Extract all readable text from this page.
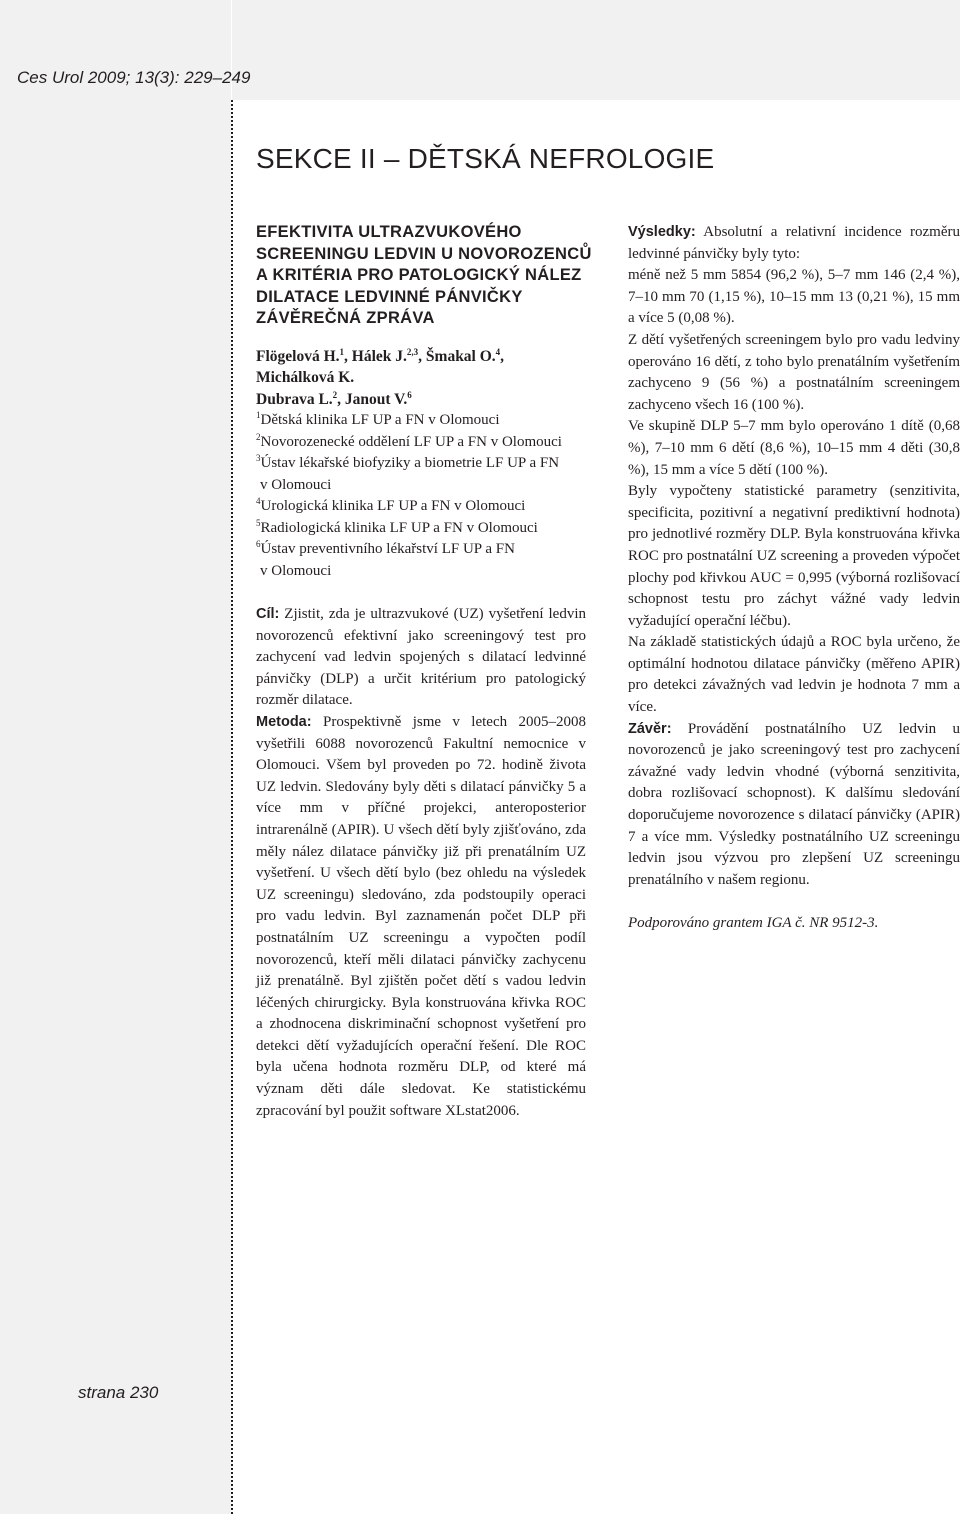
Ces Urol 2009; 13(3): 229–249
strana 230
SEKCE II – DĚTSKÁ NEFROLOGIE
EFEKTIVITA ULTRAZVUKOVÉHO
SCREENINGU LEDVIN U NOVOROZENCŮ
A KRITÉRIA PRO PATOLOGICKÝ NÁLEZ
DILATACE LEDVINNÉ PÁNVIČKY
ZÁVĚREČNÁ ZPRÁVA
Flögelová H.$^1$, Hálek J.$^{2,3}$, Šmakal O.$^4$, Michálková K.
Dubrava L.$^2$, Janout V.$^6$
$^1$Dětská klinika LF UP a FN v Olomouci
$^2$Novorozenecké oddělení LF UP a FN v Olomouci
$^3$Ústav lékařské biofyziky a biometrie LF UP a FN
v Olomouci
$^4$Urologická klinika LF UP a FN v Olomouci
$^5$Radiologická klinika LF UP a FN v Olomouci
$^6$Ústav preventivního lékařství LF UP a FN
v Olomouci

Cíl: Zjistit, zda je ultrazvukové (UZ) vyšetření ledvin novorozenců efektivní jako screeningový test pro zachycení vad ledvin spojených s dilatací ledvinné pánvičky (DLP) a určit kritérium pro patologický rozměr dilatace.

Metoda: Prospektivně jsme v letech 2005–2008 vyšetřili 6088 novorozenců Fakultní nemocnice v Olomouci. Všem byl proveden po 72. hodině života UZ ledvin. Sledovány byly děti s dilatací pánvičky 5 a více mm v příčné projekci, anteroposterior intrarenálně (APIR). U všech dětí byly zjišťováno, zda měly nález dilatace pánvičky již při prenatálním UZ vyšetření. U všech dětí bylo (bez ohledu na výsledek UZ screeningu) sledováno, zda podstoupily operaci pro vadu ledvin. Byl zaznamenán počet DLP při postnatálním UZ screeningu a vypočten podíl novorozenců, kteří měli dilataci pánvičky zachycenu již prenatálně. Byl zjištěn počet dětí s vadou ledvin léčených chirurgicky. Byla konstruována křivka ROC a zhodnocena diskriminační schopnost vyšetření pro detekci dětí vyžadujících operační řešení. Dle ROC byla učena hodnota rozměru DLP, od které má význam děti dále sledovat. Ke statistickému zpracování byl použit software XLstat2006.

Výsledky: Absolutní a relativní incidence rozměru ledvinné pánvičky byly tyto:

méně než 5 mm 5854 (96,2 %), 5–7 mm 146 (2,4 %), 7–10 mm 70 (1,15 %), 10–15 mm 13 (0,21 %), 15 mm a více 5 (0,08 %).

Z dětí vyšetřených screeningem bylo pro vadu ledviny operováno 16 dětí, z toho bylo prenatálním vyšetřením zachyceno 9 (56 %) a postnatálním screeningem zachyceno všech 16 (100 %).

Ve skupině DLP 5–7 mm bylo operováno 1 dítě (0,68 %), 7–10 mm 6 dětí (8,6 %), 10–15 mm 4 děti (30,8 %), 15 mm a více 5 dětí (100 %).

Byly vypočteny statistické parametry (senzitivita, specificita, pozitivní a negativní prediktivní hodnota) pro jednotlivé rozměry DLP. Byla konstruována křivka ROC pro postnatální UZ screening a proveden výpočet plochy pod křivkou AUC = 0,995 (výborná rozlišovací schopnost testu pro záchyt vážné vady ledvin vyžadující operační léčbu).

Na základě statistických údajů a ROC byla určeno, že optimální hodnotou dilatace pánvičky (měřeno APIR) pro detekci závažných vad ledvin je hodnota 7 mm a více.

Závěr: Provádění postnatálního UZ ledvin u novorozenců je jako screeningový test pro zachycení závažné vady ledvin vhodné (výborná senzitivita, dobra rozlišovací schopnost). K dalšímu sledování doporučujeme novorozence s dilatací pánvičky (APIR) 7 a více mm. Výsledky postnatálního UZ screeningu ledvin jsou výzvou pro zlepšení UZ screeningu prenatálního v našem regionu.

Podporováno grantem IGA č. NR 9512-3.
